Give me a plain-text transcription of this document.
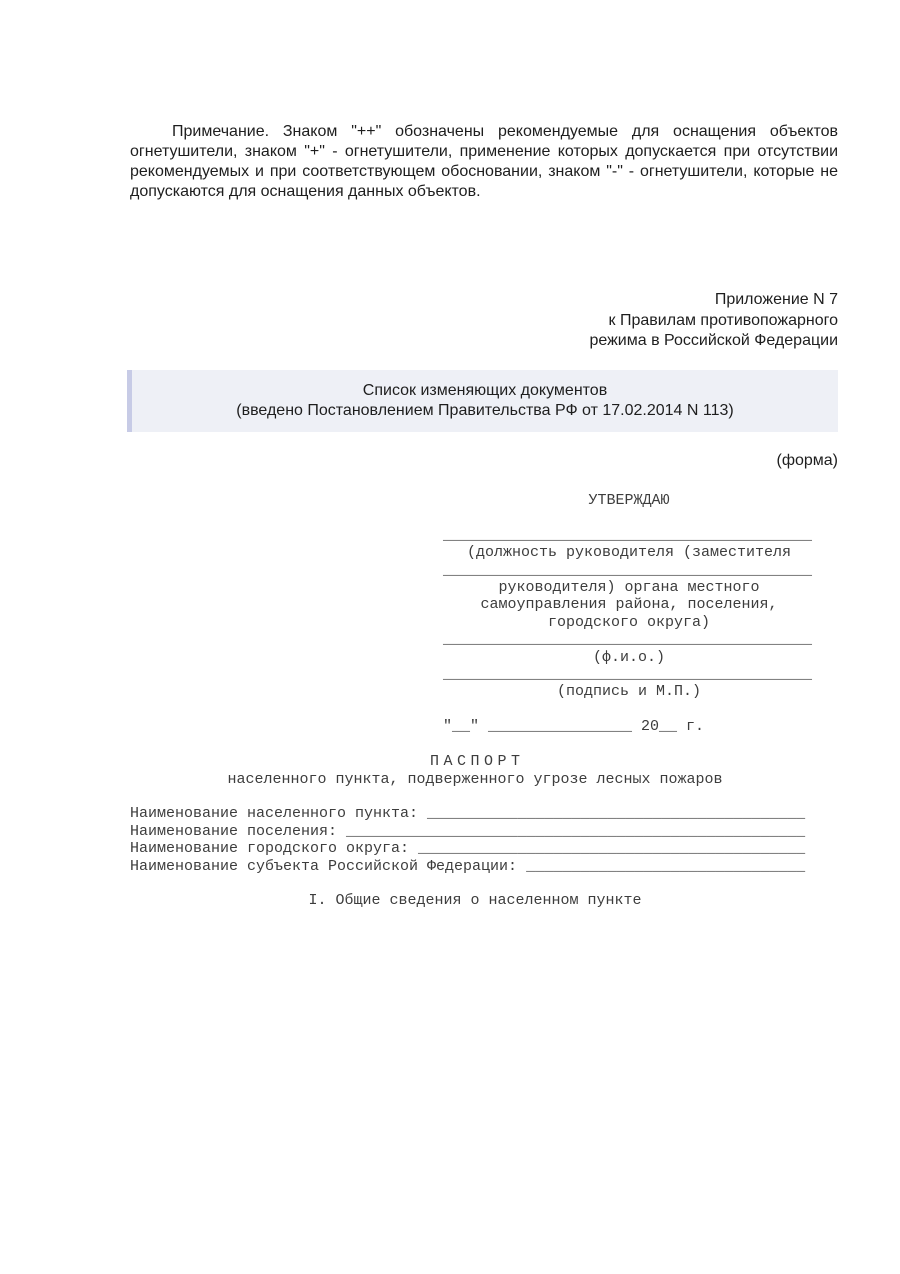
Примечание. Знаком "++" обозначены рекомендуемые для оснащения объектов огнетушители, знаком "+" - огнетушители, применение которых допускается при отсутствии рекомендуемых и при соответствующем обосновании, знаком "-" - огнетушители, которые не допускаются для оснащения данных объектов.

Приложение N 7
к Правилам противопожарного
режима в Российской Федерации
Список изменяющих документов
(введено Постановлением Правительства РФ от 17.02.2014 N 113)
(форма)
УТВЕРЖДАЮ

_________________________________________
(должность руководителя (заместителя
_________________________________________
руководителя) органа местного
самоуправления района, поселения,
городского округа)
_________________________________________
(ф.и.о.)
_________________________________________
(подпись и М.П.)

"__" ________________ 20__ г.

ПАСПОРТ
населенного пункта, подверженного угрозе лесных пожаров

Наименование населенного пункта: __________________________________________
Наименование поселения: ___________________________________________________
Наименование городского округа: ___________________________________________
Наименование субъекта Российской Федерации: _______________________________

I. Общие сведения о населенном пункте
